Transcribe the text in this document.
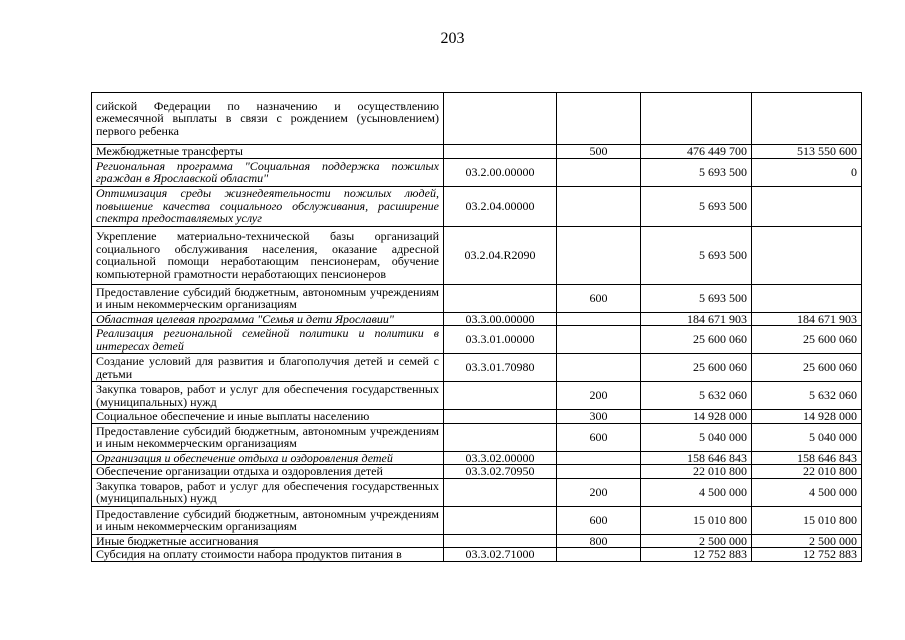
203
сийской Федерации по назначению и осуществлению ежемесячной выплаты в связи с рождением (усыновлением) первого ребенка				
Межбюджетные трансферты		500	476 449 700	513 550 600
Региональная программа "Социальная поддержка пожилых граждан в Ярославской области"	03.2.00.00000		5 693 500	0
Оптимизация среды жизнедеятельности пожилых людей, повышение качества социального обслуживания, расширение спектра предоставляемых услуг	03.2.04.00000		5 693 500	
Укрепление материально-технической базы организаций социального обслуживания населения, оказание адресной социальной помощи неработающим пенсионерам, обучение компьютерной грамотности неработающих пенсионеров	03.2.04.R2090		5 693 500	
Предоставление субсидий бюджетным, автономным учреждениям и иным некоммерческим организациям		600	5 693 500	
Областная целевая программа "Семья и дети Ярославии"	03.3.00.00000		184 671 903	184 671 903
Реализация региональной семейной политики и политики в интересах детей	03.3.01.00000		25 600 060	25 600 060
Создание условий для развития и благополучия детей и семей с детьми	03.3.01.70980		25 600 060	25 600 060
Закупка товаров, работ и услуг для обеспечения государственных (муниципальных) нужд		200	5 632 060	5 632 060
Социальное обеспечение и иные выплаты населению		300	14 928 000	14 928 000
Предоставление субсидий бюджетным, автономным учреждениям и иным некоммерческим организациям		600	5 040 000	5 040 000
Организация и обеспечение отдыха и оздоровления детей	03.3.02.00000		158 646 843	158 646 843
Обеспечение организации отдыха и оздоровления детей	03.3.02.70950		22 010 800	22 010 800
Закупка товаров, работ и услуг для обеспечения государственных (муниципальных) нужд		200	4 500 000	4 500 000
Предоставление субсидий бюджетным, автономным учреждениям и иным некоммерческим организациям		600	15 010 800	15 010 800
Иные бюджетные ассигнования		800	2 500 000	2 500 000
Субсидия на оплату стоимости набора продуктов питания в	03.3.02.71000		12 752 883	12 752 883
